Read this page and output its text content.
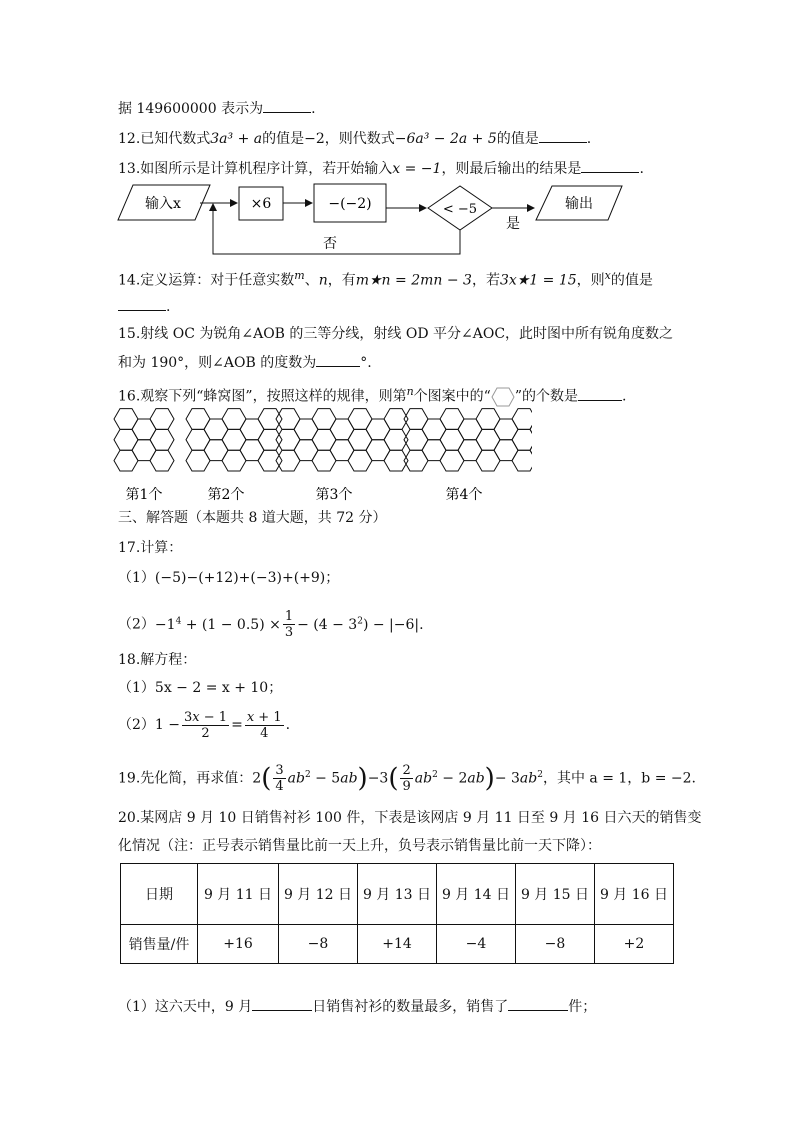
据 149600000 表示为	.
12.已知代数式3a³ + a的值是−2，则代数式−6a³ − 2a + 5的值是	.
13.如图所示是计算机程序计算，若开始输入x = −1，则最后输出的结果是	.
输入x	×6	−(−2)	< −5
是
输出
否
14.定义运算：对于任意实数$^m$、n，有m★n = 2mn − 3，若3x★1 = 15，则$^x$的值是
.
15.射线 OC 为锐角∠AOB 的三等分线，射线 OD 平分∠AOC，此时图中所有锐角度数之
和为 190°，则∠AOB 的度数为	°.
16.观察下列“蜂窝图”，按照这样的规律，则第$^n$个图案中的“ ”的个数是	.
第1个	第2个	第3个	第4个
三、解答题（本题共 8 道大题，共 72 分）
17.计算：
（1）(−5)−(+12)+(−3)+(+9)；
$(2)-1^4 + (1 - 0.5) \times \frac{1}{3} - (4 - 3^2) - |-6|$.
18.解方程：
（1）5x − 2 = x + 10；
$(2)1 - \frac{3x - 1}{2} = \frac{x + 1}{4}$ .
19.先化简，再求值：$2( \frac{3}{4} ab^2 - 5ab)-3( \frac{2}{9} ab^2 - 2ab)- 3ab^2$，其中 a = 1，b = −2.
20.某网店 9 月 10 日销售衬衫 100 件，下表是该网店 9 月 11 日至 9 月 16 日六天的销售变
化情况（注：正号表示销售量比前一天上升，负号表示销售量比前一天下降）：
日期	9 月 11 日	9 月 12 日	9 月 13 日	9 月 14 日	9 月 15 日	9 月 16 日
销售量/件	+16	−8	+14	−4	−8	+2
（1）这六天中，9 月	日销售衬衫的数量最多，销售了	件；
